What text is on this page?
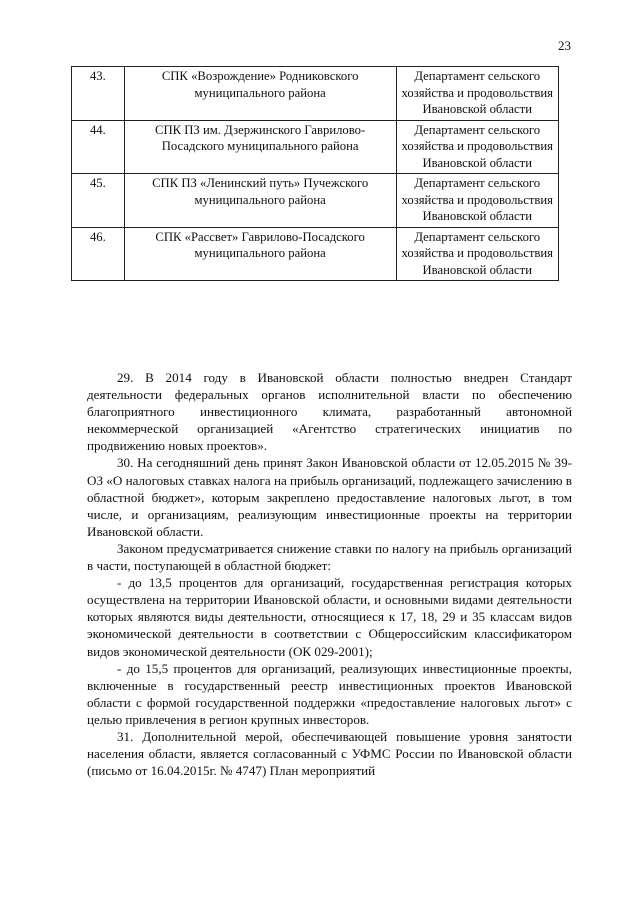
23
43.	СПК «Возрождение» Родниковского муниципального района	Департамент сельского хозяйства и продовольствия Ивановской области
44.	СПК ПЗ им. Дзержинского Гаврилово-Посадского муниципального района	Департамент сельского хозяйства и продовольствия Ивановской области
45.	СПК ПЗ «Ленинский путь» Пучежского муниципального района	Департамент сельского хозяйства и продовольствия Ивановской области
46.	СПК «Рассвет» Гаврилово-Посадского муниципального района	Департамент сельского хозяйства и продовольствия Ивановской области

29. В 2014 году в Ивановской области полностью внедрен Стандарт деятельности федеральных органов исполнительной власти по обеспечению благоприятного инвестиционного климата, разработанный автономной некоммерческой организацией «Агентство стратегических инициатив по продвижению новых проектов».

30. На сегодняшний день принят Закон Ивановской области от 12.05.2015 № 39-ОЗ «О налоговых ставках налога на прибыль организаций, подлежащего зачислению в областной бюджет», которым закреплено предоставление налоговых льгот, в том числе, и организациям, реализующим инвестиционные проекты на территории Ивановской области.

Законом предусматривается снижение ставки по налогу на прибыль организаций в части, поступающей в областной бюджет:

- до 13,5 процентов для организаций, государственная регистрация которых осуществлена на территории Ивановской области, и основными видами деятельности которых являются виды деятельности, относящиеся к 17, 18, 29 и 35 классам видов экономической деятельности в соответствии с Общероссийским классификатором видов экономической деятельности (ОК 029-2001);

- до 15,5 процентов для организаций, реализующих инвестиционные проекты, включенные в государственный реестр инвестиционных проектов Ивановской области с формой государственной поддержки «предоставление налоговых льгот» с целью привлечения в регион крупных инвесторов.

31. Дополнительной мерой, обеспечивающей повышение уровня занятости населения области, является согласованный с УФМС России по Ивановской области (письмо от 16.04.2015г. № 4747) План мероприятий
